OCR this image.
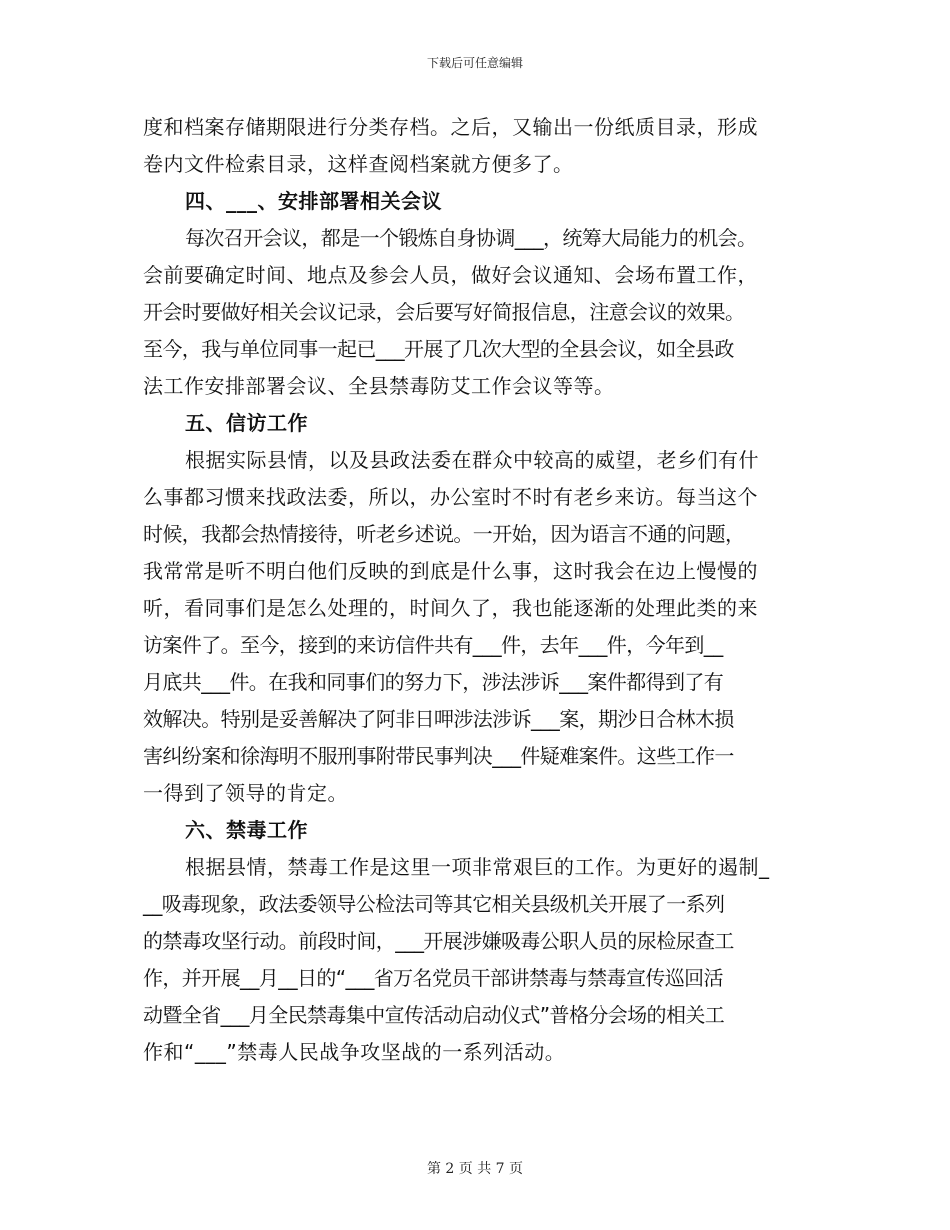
下载后可任意编辑
度和档案存储期限进行分类存档。之后，又输出一份纸质目录，形成
卷内文件检索目录，这样查阅档案就方便多了。
四、___、安排部署相关会议
每次召开会议，都是一个锻炼自身协调___，统筹大局能力的机会。
会前要确定时间、地点及参会人员，做好会议通知、会场布置工作，
开会时要做好相关会议记录，会后要写好简报信息，注意会议的效果。
至今，我与单位同事一起已___开展了几次大型的全县会议，如全县政
法工作安排部署会议、全县禁毒防艾工作会议等等。
五、信访工作
根据实际县情，以及县政法委在群众中较高的威望，老乡们有什
么事都习惯来找政法委，所以，办公室时不时有老乡来访。每当这个
时候，我都会热情接待，听老乡述说。一开始，因为语言不通的问题，
我常常是听不明白他们反映的到底是什么事，这时我会在边上慢慢的
听，看同事们是怎么处理的，时间久了，我也能逐渐的处理此类的来
访案件了。至今，接到的来访信件共有___件，去年___件，今年到__
月底共___件。在我和同事们的努力下，涉法涉诉___案件都得到了有
效解决。特别是妥善解决了阿非日呷涉法涉诉___案，期沙日合林木损
害纠纷案和徐海明不服刑事附带民事判决___件疑难案件。这些工作一
一得到了领导的肯定。
六、禁毒工作
根据县情，禁毒工作是这里一项非常艰巨的工作。为更好的遏制_
__吸毒现象，政法委领导公检法司等其它相关县级机关开展了一系列
的禁毒攻坚行动。前段时间，___开展涉嫌吸毒公职人员的尿检尿查工
作，并开展__月__日的“___省万名党员干部讲禁毒与禁毒宣传巡回活
动暨全省___月全民禁毒集中宣传活动启动仪式”普格分会场的相关工
作和“___”禁毒人民战争攻坚战的一系列活动。
第 2 页 共 7 页
